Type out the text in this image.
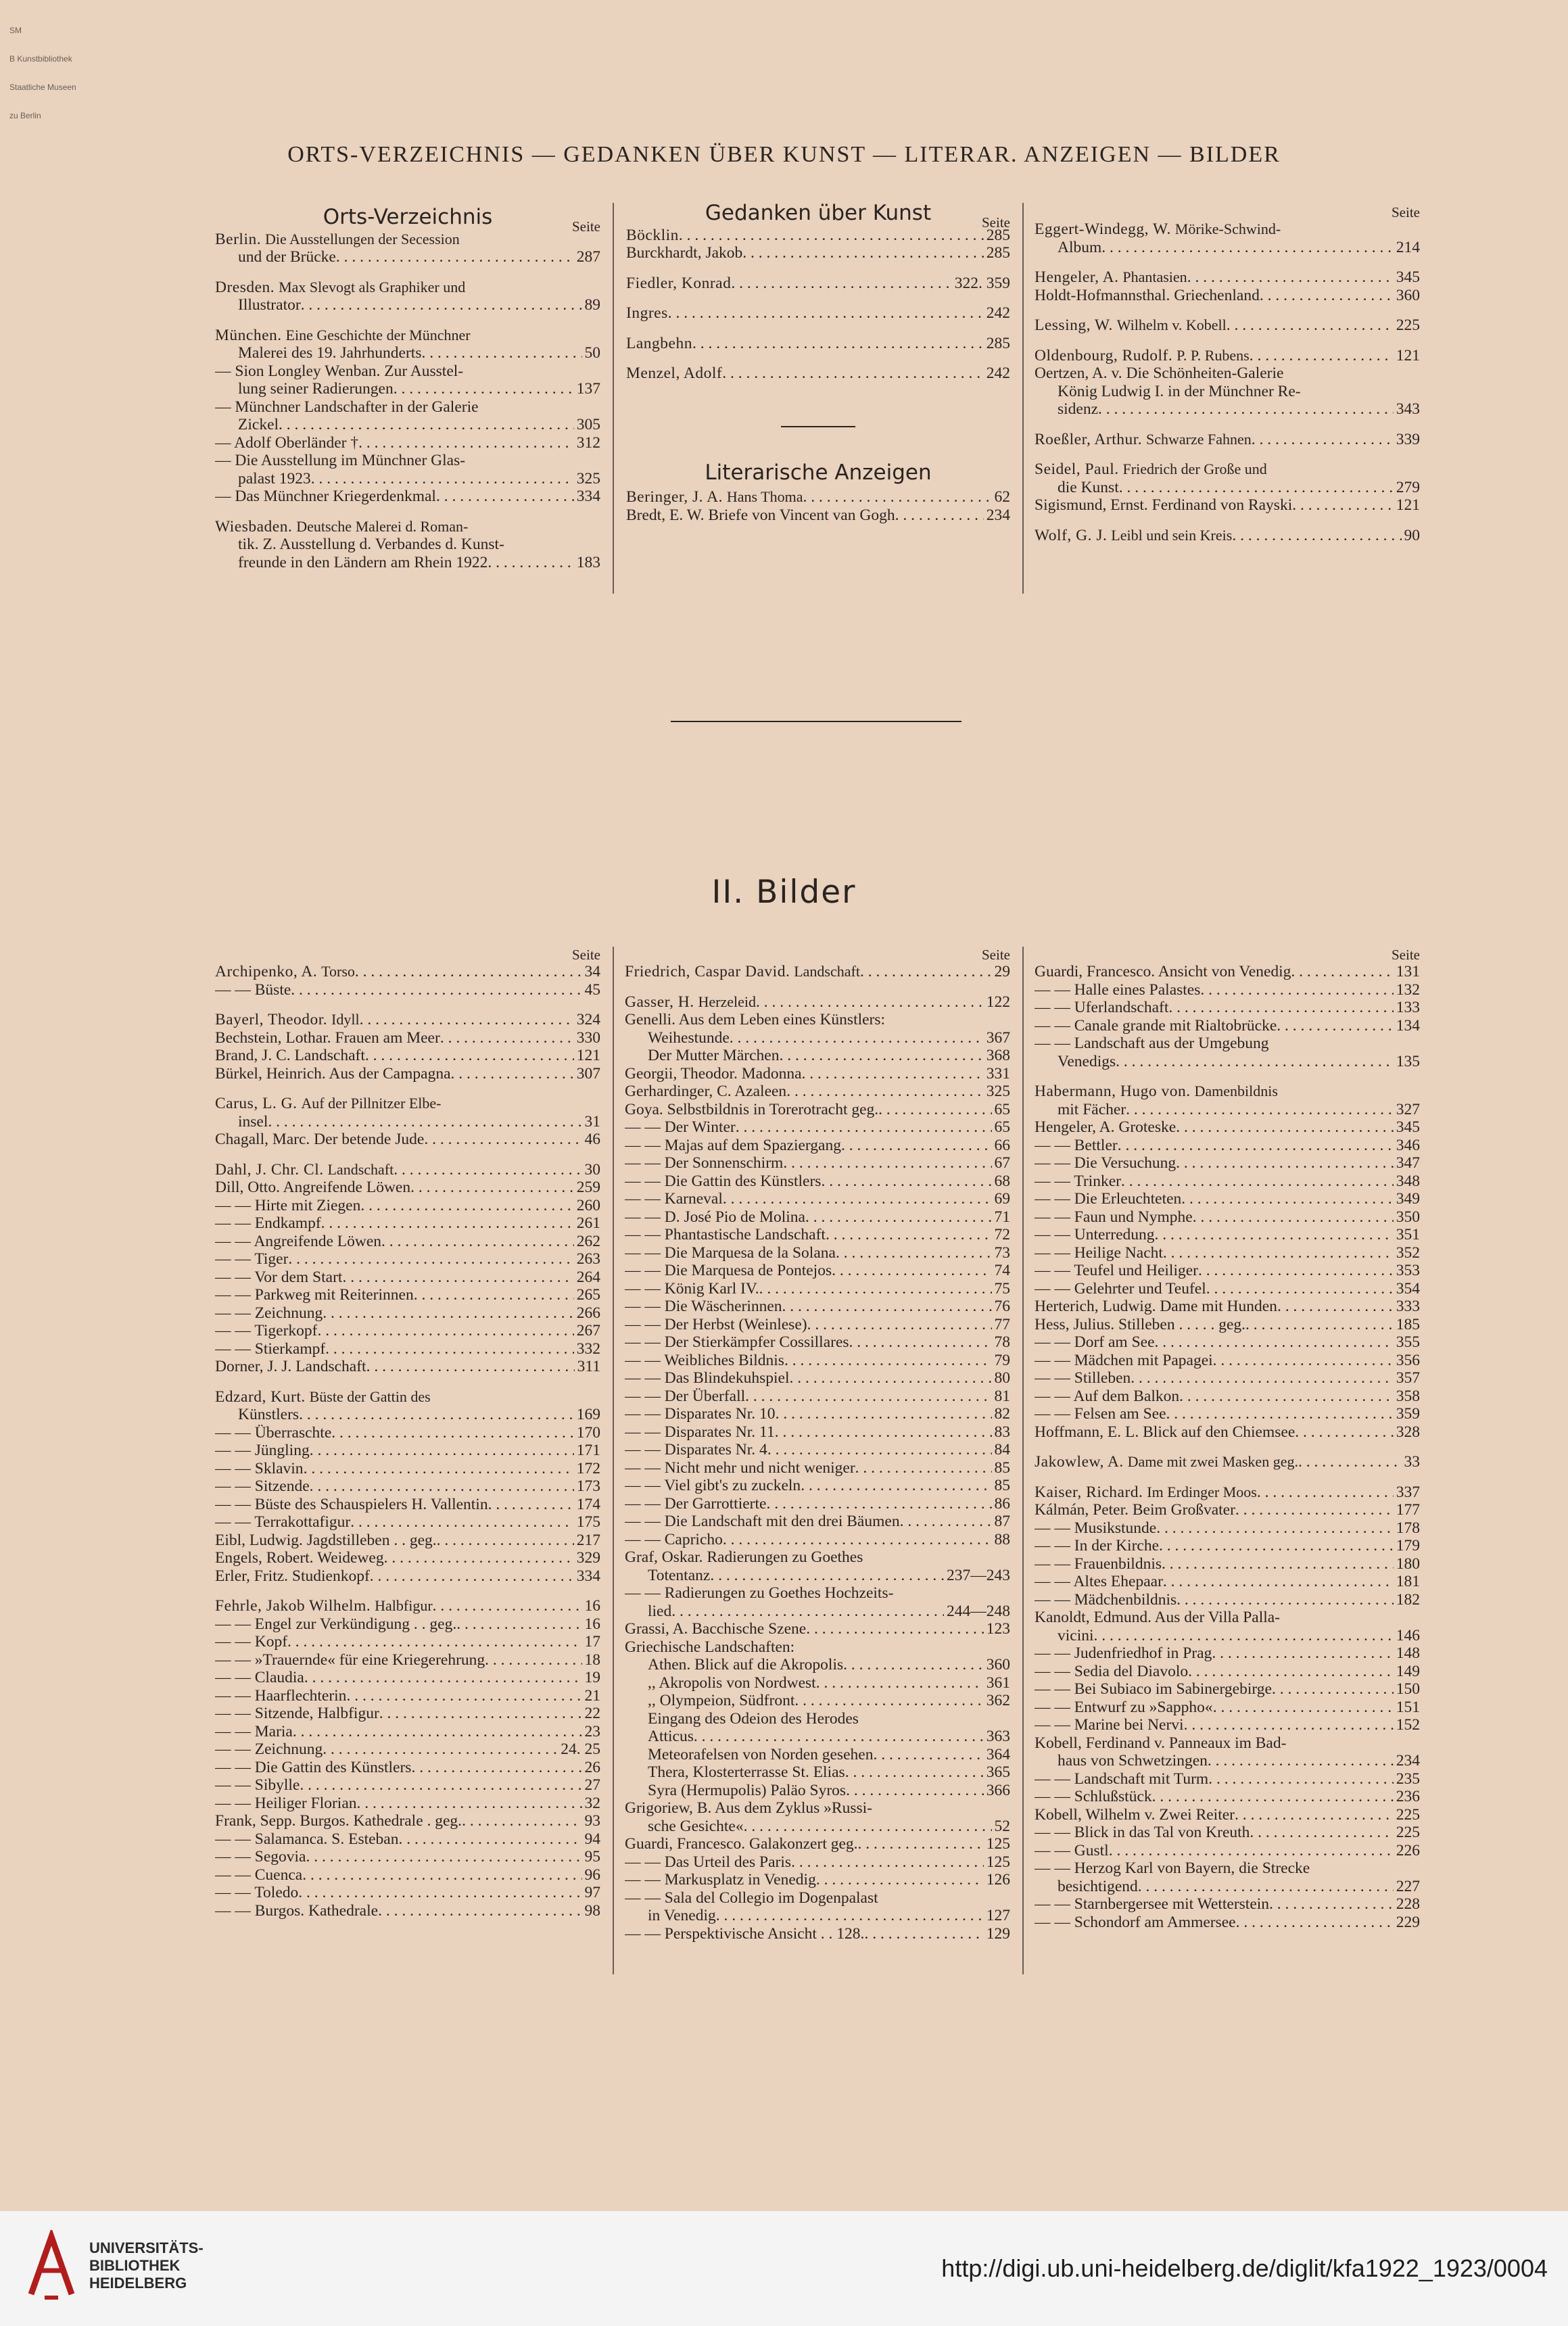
SM

B Kunstbibliothek

Staatliche Museen

zu Berlin

ORTS-VERZEICHNIS — GEDANKEN ÜBER KUNST — LITERAR. ANZEIGEN — BILDER
Orts-Verzeichnis	Seite
Berlin. Die Ausstellungen der Secession
und der Brücke . . .	287
Dresden. Max Slevogt als Graphiker und
Illustrator . . .	89
München. Eine Geschichte der Münchner
Malerei des 19. Jahrhunderts . . .	50
— Sion Longley Wenban. Zur Ausstel-
lung seiner Radierungen . . .	137
— Münchner Landschafter in der Galerie
Zickel . . .	305
— Adolf Oberländer † . . .	312
— Die Ausstellung im Münchner Glas-
palast 1923 . . .	325
— Das Münchner Kriegerdenkmal . . .	334
Wiesbaden. Deutsche Malerei d. Roman-
tik. Z. Ausstellung d. Verbandes d. Kunst-
freunde in den Ländern am Rhein 1922 . . .	183
Gedanken über Kunst	Seite
Böcklin . . .	285
Burckhardt, Jakob . . .	285
Fiedler, Konrad . . .	322. 359
Ingres . . .	242
Langbehn . . .	285
Menzel, Adolf . . .	242
Literarische Anzeigen
Beringer, J. A. Hans Thoma . . .	62
Bredt, E. W. Briefe von Vincent van Gogh . . .	234
Seite
Eggert-Windegg, W. Mörike-Schwind-
Album . . .	214
Hengeler, A. Phantasien . . .	345
Holdt-Hofmannsthal. Griechenland . . .	360
Lessing, W. Wilhelm v. Kobell . . .	225
Oldenbourg, Rudolf. P. P. Rubens . . .	121
Oertzen, A. v. Die Schönheiten-Galerie
König Ludwig I. in der Münchner Re-
sidenz . . .	343
Roeßler, Arthur. Schwarze Fahnen . . .	339
Seidel, Paul. Friedrich der Große und
die Kunst . . .	279
Sigismund, Ernst. Ferdinand von Rayski . . .	121
Wolf, G. J. Leibl und sein Kreis . . .	90
II. Bilder
Seite
Archipenko, A. Torso . . .	34
— — Büste . . .	45
Bayerl, Theodor. Idyll . . .	324
Bechstein, Lothar. Frauen am Meer . . .	330
Brand, J. C. Landschaft . . .	121
Bürkel, Heinrich. Aus der Campagna . . .	307
Carus, L. G. Auf der Pillnitzer Elbe-
insel . . .	31
Chagall, Marc. Der betende Jude . . .	46
Dahl, J. Chr. Cl. Landschaft . . .	30
Dill, Otto. Angreifende Löwen . . .	259
— — Hirte mit Ziegen . . .	260
— — Endkampf . . .	261
— — Angreifende Löwen . . .	262
— — Tiger . . .	263
— — Vor dem Start . . .	264
— — Parkweg mit Reiterinnen . . .	265
— — Zeichnung . . .	266
— — Tigerkopf . . .	267
— — Stierkampf . . .	332
Dorner, J. J. Landschaft . . .	311
Edzard, Kurt. Büste der Gattin des
Künstlers . . .	169
— — Überraschte . . .	170
— — Jüngling . . .	171
— — Sklavin . . .	172
— — Sitzende . . .	173
— — Büste des Schauspielers H. Vallentin . . .	174
— — Terrakottafigur . . .	175
Eibl, Ludwig. Jagdstilleben . . geg. . . .	217
Engels, Robert. Weideweg . . .	329
Erler, Fritz. Studienkopf . . .	334
Fehrle, Jakob Wilhelm. Halbfigur . . .	16
— — Engel zur Verkündigung . . geg. . . .	16
— — Kopf . . .	17
— — »Trauernde« für eine Kriegerehrung . . .	18
— — Claudia . . .	19
— — Haarflechterin . . .	21
— — Sitzende, Halbfigur . . .	22
— — Maria . . .	23
— — Zeichnung . . .	24. 25
— — Die Gattin des Künstlers . . .	26
— — Sibylle . . .	27
— — Heiliger Florian . . .	32
Frank, Sepp. Burgos. Kathedrale . geg. . . .	93
— — Salamanca. S. Esteban . . .	94
— — Segovia . . .	95
— — Cuenca . . .	96
— — Toledo . . .	97
— — Burgos. Kathedrale . . .	98
Seite
Friedrich, Caspar David. Landschaft . . .	29
Gasser, H. Herzeleid . . .	122
Genelli. Aus dem Leben eines Künstlers:
Weihestunde . . .	367
Der Mutter Märchen . . .	368
Georgii, Theodor. Madonna . . .	331
Gerhardinger, C. Azaleen . . .	325
Goya. Selbstbildnis in Torerotracht geg. . . .	65
— — Der Winter . . .	65
— — Majas auf dem Spaziergang . . .	66
— — Der Sonnenschirm . . .	67
— — Die Gattin des Künstlers . . .	68
— — Karneval . . .	69
— — D. José Pio de Molina . . .	71
— — Phantastische Landschaft . . .	72
— — Die Marquesa de la Solana . . .	73
— — Die Marquesa de Pontejos . . .	74
— — König Karl IV. . . .	75
— — Die Wäscherinnen . . .	76
— — Der Herbst (Weinlese) . . .	77
— — Der Stierkämpfer Cossillares . . .	78
— — Weibliches Bildnis . . .	79
— — Das Blindekuhspiel . . .	80
— — Der Überfall . . .	81
— — Disparates Nr. 10 . . .	82
— — Disparates Nr. 11 . . .	83
— — Disparates Nr. 4 . . .	84
— — Nicht mehr und nicht weniger . . .	85
— — Viel gibt's zu zuckeln . . .	85
— — Der Garrottierte . . .	86
— — Die Landschaft mit den drei Bäumen . . .	87
— — Capricho . . .	88
Graf, Oskar. Radierungen zu Goethes
Totentanz . . .	237—243
— — Radierungen zu Goethes Hochzeits-
lied . . .	244—248
Grassi, A. Bacchische Szene . . .	123
Griechische Landschaften:
Athen. Blick auf die Akropolis . . .	360
,, Akropolis von Nordwest . . .	361
,, Olympeion, Südfront . . .	362
Eingang des Odeion des Herodes
Atticus . . .	363
Meteorafelsen von Norden gesehen . . .	364
Thera, Klosterterrasse St. Elias . . .	365
Syra (Hermupolis) Paläo Syros . . .	366
Grigoriew, B. Aus dem Zyklus »Russi-
sche Gesichte« . . .	52
Guardi, Francesco. Galakonzert geg. . . .	125
— — Das Urteil des Paris . . .	125
— — Markusplatz in Venedig . . .	126
— — Sala del Collegio im Dogenpalast
in Venedig . . .	127
— — Perspektivische Ansicht . . 128. . . .	129
Seite
Guardi, Francesco. Ansicht von Venedig . . .	131
— — Halle eines Palastes . . .	132
— — Uferlandschaft . . .	133
— — Canale grande mit Rialtobrücke . . .	134
— — Landschaft aus der Umgebung
Venedigs . . .	135
Habermann, Hugo von. Damenbildnis
mit Fächer . . .	327
Hengeler, A. Groteske . . .	345
— — Bettler . . .	346
— — Die Versuchung . . .	347
— — Trinker . . .	348
— — Die Erleuchteten . . .	349
— — Faun und Nymphe . . .	350
— — Unterredung . . .	351
— — Heilige Nacht . . .	352
— — Teufel und Heiliger . . .	353
— — Gelehrter und Teufel . . .	354
Herterich, Ludwig. Dame mit Hunden . . .	333
Hess, Julius. Stilleben . . . . . geg. . . .	185
— — Dorf am See . . .	355
— — Mädchen mit Papagei . . .	356
— — Stilleben . . .	357
— — Auf dem Balkon . . .	358
— — Felsen am See . . .	359
Hoffmann, E. L. Blick auf den Chiemsee . . .	328
Jakowlew, A. Dame mit zwei Masken geg. . . .	33
Kaiser, Richard. Im Erdinger Moos . . .	337
Kálmán, Peter. Beim Großvater . . .	177
— — Musikstunde . . .	178
— — In der Kirche . . .	179
— — Frauenbildnis . . .	180
— — Altes Ehepaar . . .	181
— — Mädchenbildnis . . .	182
Kanoldt, Edmund. Aus der Villa Palla-
vicini . . .	146
— — Judenfriedhof in Prag . . .	148
— — Sedia del Diavolo . . .	149
— — Bei Subiaco im Sabinergebirge . . .	150
— — Entwurf zu »Sappho« . . .	151
— — Marine bei Nervi . . .	152
Kobell, Ferdinand v. Panneaux im Bad-
haus von Schwetzingen . . .	234
— — Landschaft mit Turm . . .	235
— — Schlußstück . . .	236
Kobell, Wilhelm v. Zwei Reiter . . .	225
— — Blick in das Tal von Kreuth . . .	225
— — Gustl . . .	226
— — Herzog Karl von Bayern, die Strecke
besichtigend . . .	227
— — Starnbergersee mit Wetterstein . . .	228
— — Schondorf am Ammersee . . .	229
UNIVERSITÄTS-
BIBLIOTHEK
HEIDELBERG
http://digi.ub.uni-heidelberg.de/diglit/kfa1922_1923/0004
